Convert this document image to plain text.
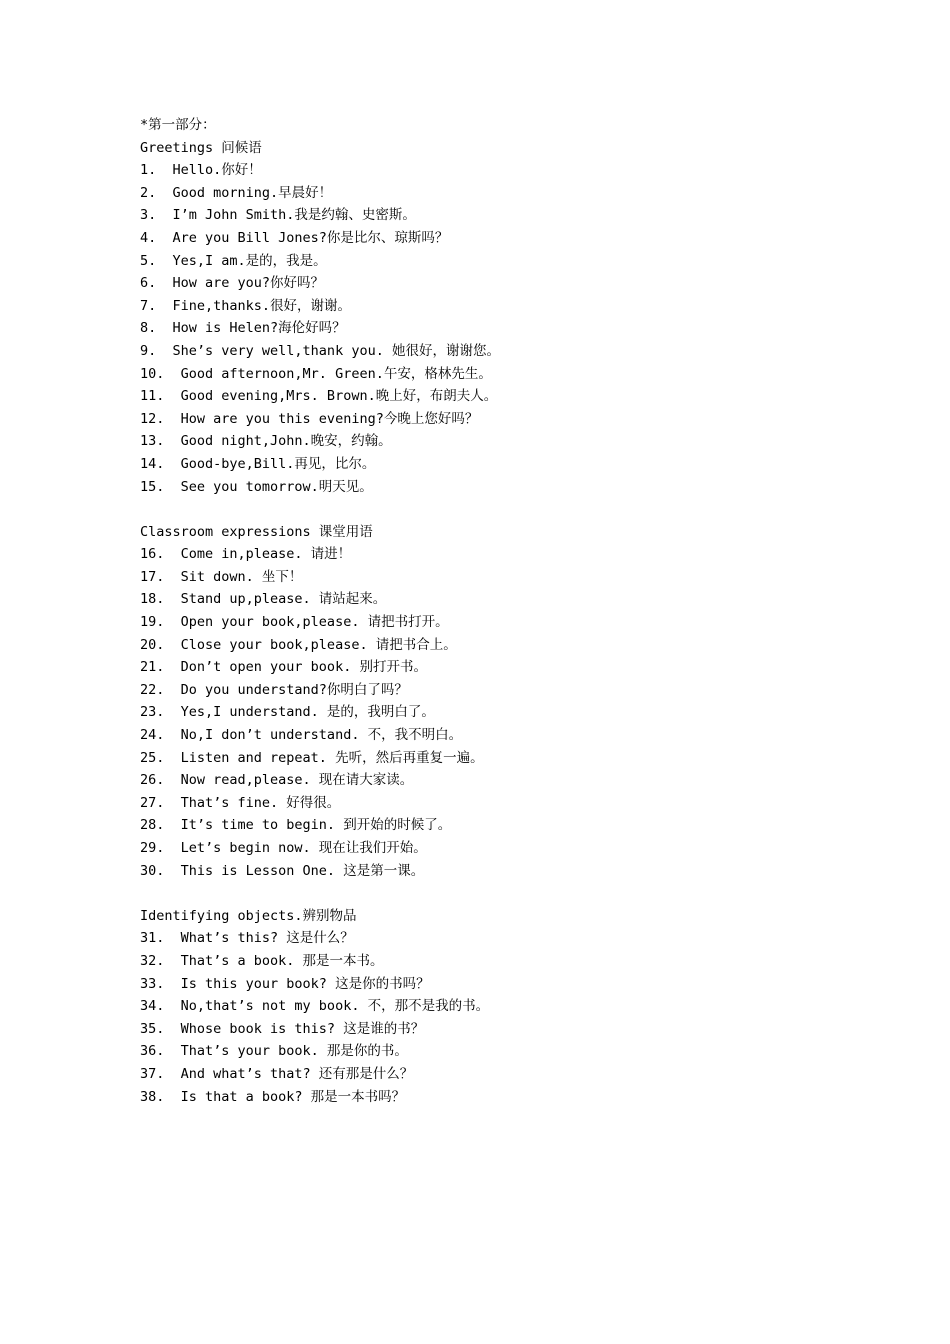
*第一部分：
Greetings 问候语
1.  Hello.你好！
2.  Good morning.早晨好！
3.  I’m John Smith.我是约翰、史密斯。
4.  Are you Bill Jones?你是比尔、琼斯吗？
5.  Yes,I am.是的，我是。
6.  How are you?你好吗？
7.  Fine,thanks.很好，谢谢。
8.  How is Helen?海伦好吗？
9.  She’s very well,thank you. 她很好，谢谢您。
10.  Good afternoon,Mr. Green.午安，格林先生。
11.  Good evening,Mrs. Brown.晚上好，布朗夫人。
12.  How are you this evening?今晚上您好吗？
13.  Good night,John.晚安，约翰。
14.  Good-bye,Bill.再见，比尔。
15.  See you tomorrow.明天见。
Classroom expressions 课堂用语
16.  Come in,please. 请进！
17.  Sit down. 坐下！
18.  Stand up,please. 请站起来。
19.  Open your book,please. 请把书打开。
20.  Close your book,please. 请把书合上。
21.  Don’t open your book. 别打开书。
22.  Do you understand?你明白了吗？
23.  Yes,I understand. 是的，我明白了。
24.  No,I don’t understand. 不，我不明白。
25.  Listen and repeat. 先听，然后再重复一遍。
26.  Now read,please. 现在请大家读。
27.  That’s fine. 好得很。
28.  It’s time to begin. 到开始的时候了。
29.  Let’s begin now. 现在让我们开始。
30.  This is Lesson One. 这是第一课。
Identifying objects.辨别物品
31.  What’s this? 这是什么？
32.  That’s a book. 那是一本书。
33.  Is this your book? 这是你的书吗？
34.  No,that’s not my book. 不，那不是我的书。
35.  Whose book is this? 这是谁的书？
36.  That’s your book. 那是你的书。
37.  And what’s that? 还有那是什么？
38.  Is that a book? 那是一本书吗？
